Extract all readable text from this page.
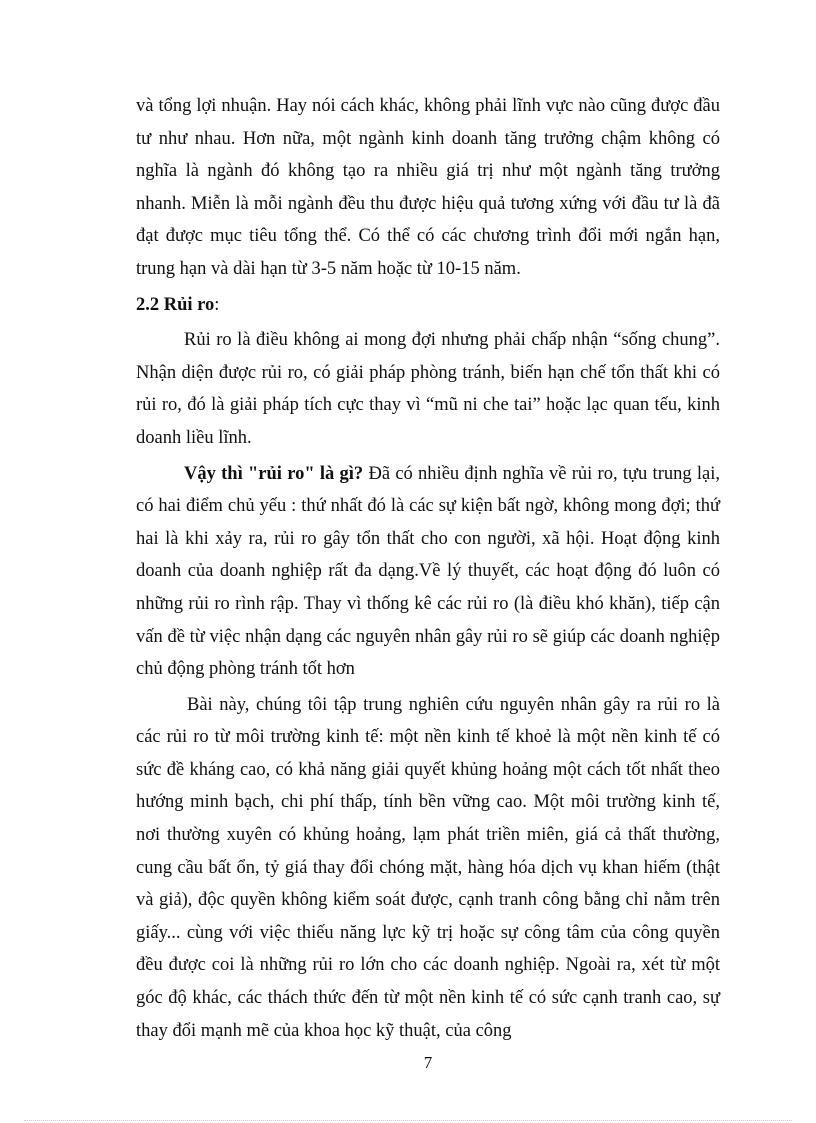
và tổng lợi nhuận. Hay nói cách khác, không phải lĩnh vực nào cũng được đầu tư như nhau. Hơn nữa, một ngành kinh doanh tăng trưởng chậm không có nghĩa là ngành đó không tạo ra nhiều giá trị như một ngành tăng trưởng nhanh. Miễn là mỗi ngành đều thu được hiệu quả tương xứng với đầu tư là đã đạt được mục tiêu tổng thể. Có thể có các chương trình đổi mới ngắn hạn, trung hạn và dài hạn từ 3-5 năm hoặc từ 10-15 năm.

2.2 Rủi ro:

Rủi ro là điều không ai mong đợi nhưng phải chấp nhận “sống chung”. Nhận diện được rủi ro, có giải pháp phòng tránh, biến hạn chế tổn thất khi có rủi ro, đó là giải pháp tích cực thay vì “mũ ni che tai” hoặc lạc quan tếu, kinh doanh liều lĩnh.

Vậy thì "rủi ro" là gì? Đã có nhiều định nghĩa về rủi ro, tựu trung lại, có hai điểm chủ yếu : thứ nhất đó là các sự kiện bất ngờ, không mong đợi; thứ hai là khi xảy ra, rủi ro gây tổn thất cho con người, xã hội. Hoạt động kinh doanh của doanh nghiệp rất đa dạng.Về lý thuyết, các hoạt động đó luôn có những rủi ro rình rập. Thay vì thống kê các rủi ro (là điều khó khăn), tiếp cận vấn đề từ việc nhận dạng các nguyên nhân gây rủi ro sẽ giúp các doanh nghiệp chủ động phòng tránh tốt hơn

Bài này, chúng tôi tập trung nghiên cứu nguyên nhân gây ra rủi ro là các rủi ro từ môi trường kinh tế: một nền kinh tế khoẻ là một nền kinh tế có sức đề kháng cao, có khả năng giải quyết khủng hoảng một cách tốt nhất theo hướng minh bạch, chi phí thấp, tính bền vững cao. Một môi trường kinh tế, nơi thường xuyên có khủng hoảng, lạm phát triền miên, giá cả thất thường, cung cầu bất ổn, tỷ giá thay đổi chóng mặt, hàng hóa dịch vụ khan hiếm (thật và giả), độc quyền không kiểm soát được, cạnh tranh công bằng chỉ nằm trên giấy... cùng với việc thiếu năng lực kỹ trị hoặc sự công tâm của công quyền đều được coi là những rủi ro lớn cho các doanh nghiệp. Ngoài ra, xét từ một góc độ khác, các thách thức đến từ một nền kinh tế có sức cạnh tranh cao, sự thay đổi mạnh mẽ của khoa học kỹ thuật, của công

7
